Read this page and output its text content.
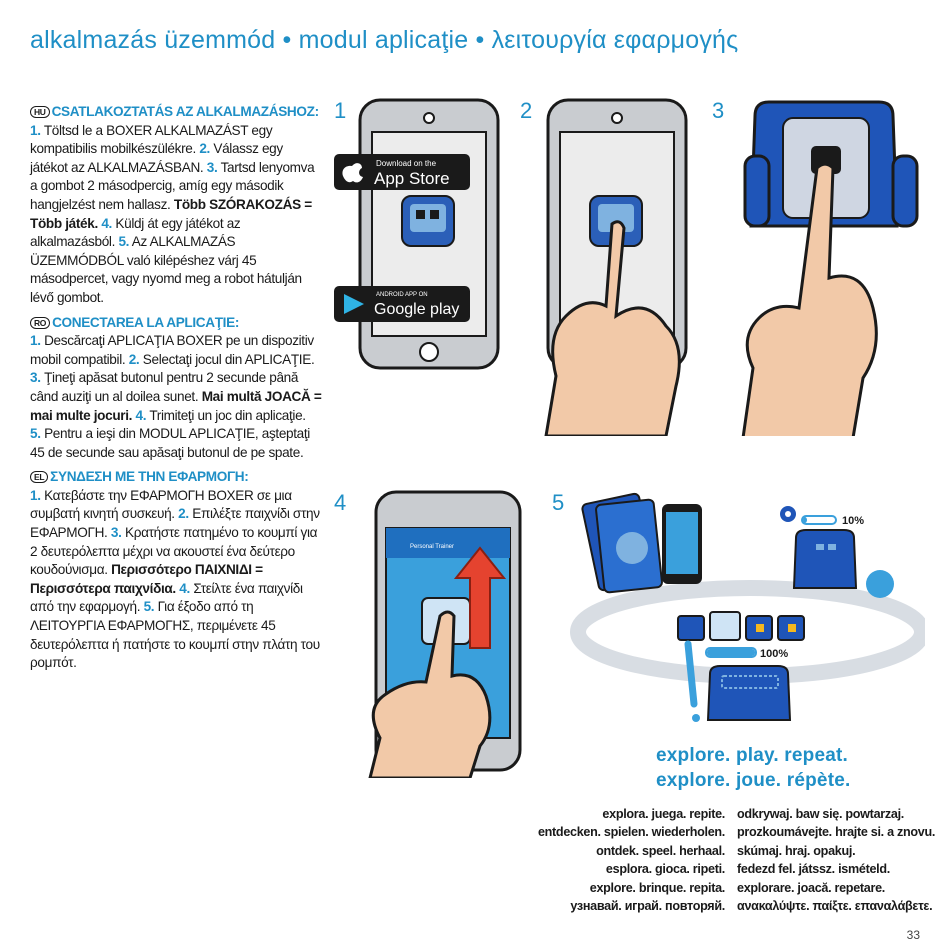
alkalmazás üzemmód • modul aplicaţie • λειτουργία εφαρμογής

HU CSATLAKOZTATÁS AZ ALKALMAZÁSHOZ:
1. Töltsd le a BOXER ALKALMAZÁST egy kompatibilis mobilkészülékre. 2. Válassz egy játékot az ALKALMAZÁSBAN. 3. Tartsd lenyomva a gombot 2 másodpercig, amíg egy második hangjelzést nem hallasz. Több SZÓRAKOZÁS = Több játék. 4. Küldj át egy játékot az alkalmazásból. 5. Az ALKALMAZÁS ÜZEMMÓDBÓL való kilépéshez várj 45 másodpercet, vagy nyomd meg a robot hátulján lévő gombot.

RO CONECTAREA LA APLICAŢIE:
1. Descărcaţi APLICAŢIA BOXER pe un dispozitiv mobil compatibil. 2. Selectaţi jocul din APLICAŢIE. 3. Ţineţi apăsat butonul pentru 2 secunde până când auziţi un al doilea sunet. Mai multă JOACĂ = mai multe jocuri. 4. Trimiteţi un joc din aplicaţie.
5. Pentru a ieşi din MODUL APLICAŢIE, aşteptaţi 45 de secunde sau apăsaţi butonul de pe spate.

EL ΣΥΝΔΕΣΗ ΜΕ ΤΗΝ ΕΦΑΡΜΟΓΗ:
1. Κατεβάστε την ΕΦΑΡΜΟΓΗ BOXER σε μια συμβατή κινητή συσκευή. 2. Επιλέξτε παιχνίδι στην ΕΦΑΡΜΟΓΗ. 3. Κρατήστε πατημένο το κουμπί για 2 δευτερόλεπτα μέχρι να ακουστεί ένα δεύτερο κουδούνισμα. Περισσότερο ΠΑΙΧΝΙΔΙ = Περισσότερα παιχνίδια. 4. Στείλτε ένα παιχνίδι από την εφαρμογή. 5. Για έξοδο από τη ΛΕΙΤΟΥΡΓΙΑ ΕΦΑΡΜΟΓΗΣ, περιμένετε 45 δευτερόλεπτα ή πατήστε το κουμπί στην πλάτη του ρομπότ.

1	2	3
4	5
Download on the
App Store
ANDROID APP ON
Google play
Personal Trainer
10%
100%
explore. play. repeat.
explore. joue. répète.
explora. juega. repite.
entdecken. spielen. wiederholen.
ontdek. speel. herhaal.
esplora. gioca. ripeti.
explore. brinque. repita.
узнавай. играй. повторяй.
odkrywaj. baw się. powtarzaj.
prozkoumávejte. hrajte si. a znovu.
skúmaj. hraj. opakuj.
fedezd fel. játssz. ismételd.
explorare. joacă. repetare.
ανακαλύψτε. παίξτε. επαναλάβετε.
33
